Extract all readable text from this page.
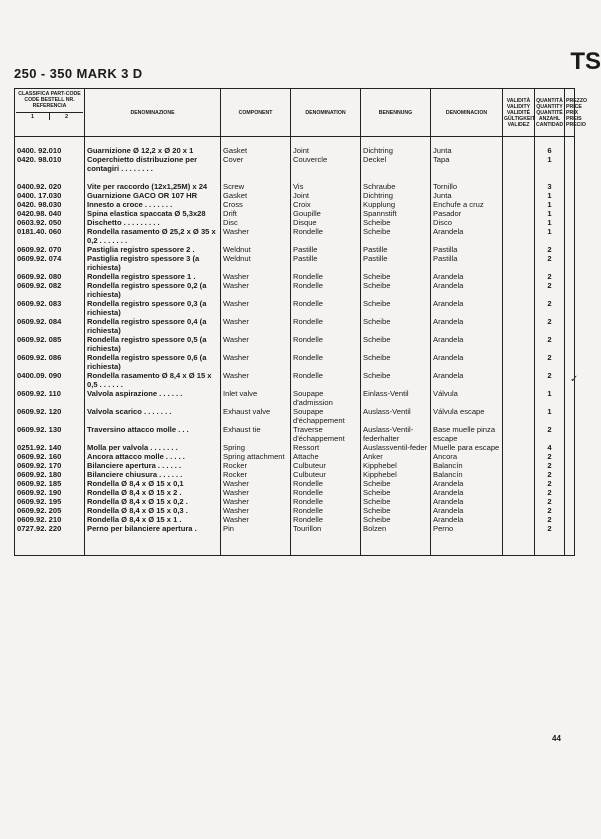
250 - 350 MARK 3 D	TS
CLASSIFICA PART-CODE CODE BESTELL NR. REFERENCIA
1 2	DENOMINAZIONE	COMPONENT	DENOMINATION	BENENNUNG	DENOMINACION	VALIDITÀ VALIDITY VALIDITÉ GÜLTIGKEIT VALIDEZ	QUANTITÀ QUANTITY QUANTITÉ ANZAHL CANTIDAD	PREZZO PRICE PRIX PREIS PRECIO

0400. 92.010	Guarnizione Ø 12,2 x Ø 20 x 1	Gasket	Joint	Dichtring	Junta		6	
0420. 98.010	Coperchietto distribuzione per contagiri . . . . . . . .	Cover	Couvercle	Deckel	Tapa		1	

0400.92. 020	Vite per raccordo (12x1,25M) x 24	Screw	Vis	Schraube	Tornillo		3	
0400. 17.030	Guarnizione GACO OR 107 HR	Gasket	Joint	Dichtring	Junta		1	
0420. 98.030	Innesto a croce . . . . . . .	Cross	Croix	Kupplung	Enchufe a cruz		1	
0420.98. 040	Spina elastica spaccata Ø 5,3x28	Drift	Goupille	Spannstift	Pasador		1	
0603.92. 050	Dischetto . . . . . . . . .	Disc	Disque	Scheibe	Disco		1	
0181.40. 060	Rondella rasamento Ø 25,2 x Ø 35 x 0,2 . . . . . . .	Washer	Rondelle	Scheibe	Arandela		1	
0609.92. 070	Pastiglia registro spessore 2 .	Weldnut	Pastille	Pastille	Pastilla		2	
0609.92. 074	Pastiglia registro spessore 3 (a richiesta)	Weldnut	Pastille	Pastille	Pastilla		2	
0609.92. 080	Rondella registro spessore 1 .	Washer	Rondelle	Scheibe	Arandela		2	
0609.92. 082	Rondella registro spessore 0,2 (a richiesta)	Washer	Rondelle	Scheibe	Arandela		2	
0609.92. 083	Rondella registro spessore 0,3 (a richiesta)	Washer	Rondelle	Scheibe	Arandela		2	
0609.92. 084	Rondella registro spessore 0,4 (a richiesta)	Washer	Rondelle	Scheibe	Arandela		2	
0609.92. 085	Rondella registro spessore 0,5 (a richiesta)	Washer	Rondelle	Scheibe	Arandela		2	
0609.92. 086	Rondella registro spessore 0,6 (a richiesta)	Washer	Rondelle	Scheibe	Arandela		2	
0400.09. 090	Rondella rasamento Ø 8,4 x Ø 15 x 0,5 . . . . . .	Washer	Rondelle	Scheibe	Arandela		2	
0609.92. 110	Valvola aspirazione . . . . . .	Inlet valve	Soupape d'admission	Einlass-Ventil	Válvula		1	
0609.92. 120	Valvola scarico . . . . . . .	Exhaust valve	Soupape d'échappement	Auslass-Ventil	Válvula escape		1	
0609.92. 130	Traversino attacco molle . . .	Exhaust tie	Traverse d'échappement	Auslass-Ventil-federhalter	Base muelle pinza escape		2	
0251.92. 140	Molla per valvola . . . . . . .	Spring	Ressort	Auslassventil-feder	Muelle para escape		4	
0609.92. 160	Ancora attacco molle . . . . .	Spring attachment	Attache	Anker	Ancora		2	
0609.92. 170	Bilanciere apertura . . . . . .	Rocker	Culbuteur	Kipphebel	Balancín		2	
0609.92. 180	Bilanciere chiusura . . . . . .	Rocker	Culbuteur	Kipphebel	Balancín		2	
0609.92. 185	Rondella Ø 8,4 x Ø 15 x 0,1	Washer	Rondelle	Scheibe	Arandela		2	
0609.92. 190	Rondella Ø 8,4 x Ø 15 x 2 .	Washer	Rondelle	Scheibe	Arandela		2	
0609.92. 195	Rondella Ø 8,4 x Ø 15 x 0,2 .	Washer	Rondelle	Scheibe	Arandela		2	
0609.92. 205	Rondella Ø 8,4 x Ø 15 x 0,3 .	Washer	Rondelle	Scheibe	Arandela		2	
0609.92. 210	Rondella Ø 8,4 x Ø 15 x 1 .	Washer	Rondelle	Scheibe	Arandela		2	
0727.92. 220	Perno per bilanciere apertura .	Pin	Tourillon	Bolzen	Perno		2	

44
✓
